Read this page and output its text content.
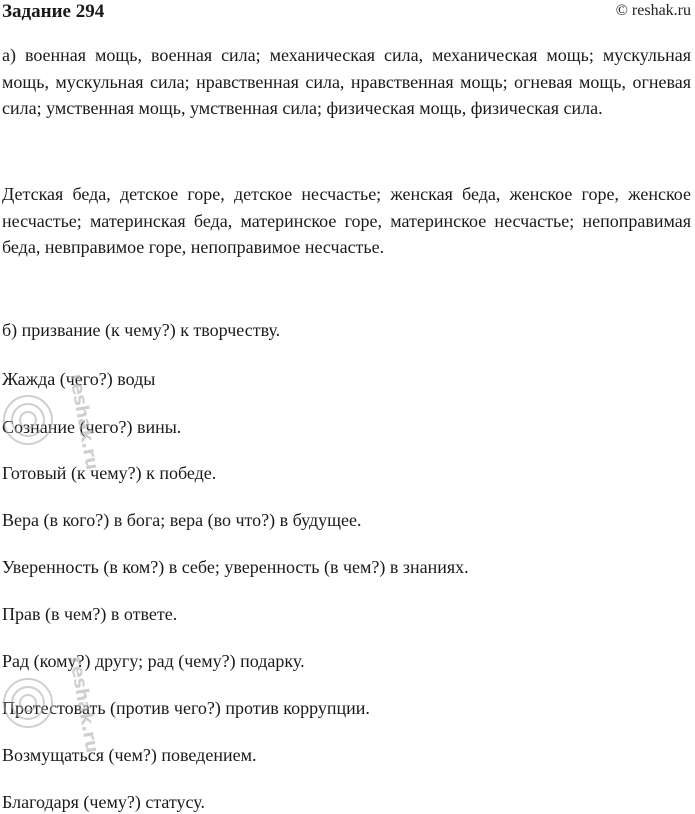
Задание 294	© reshak.ru

а) военная мощь, военная сила; механическая сила, механическая мощь; мускульная мощь, мускульная сила; нравственная сила, нравственная мощь; огневая мощь, огневая сила; умственная мощь, умственная сила; физическая мощь, физическая сила.

Детская беда, детское горе, детское несчастье; женская беда, женское горе, женское несчастье; материнская беда, материнское горе, материнское несчастье; непоправимая беда, невправимое горе, непоправимое несчастье.

б) призвание (к чему?) к творчеству.

Жажда (чего?) воды

Сознание (чего?) вины.

Готовый (к чему?) к победе.

Вера (в кого?) в бога; вера (во что?) в будущее.

Уверенность (в ком?) в себе; уверенность (в чем?) в знаниях.

Прав (в чем?) в ответе.

Рад (кому?) другу; рад (чему?) подарку.

Протестовать (против чего?) против коррупции.

Возмущаться (чем?) поведением.

Благодаря (чему?) статусу.

reshak.ru
reshak.ru
